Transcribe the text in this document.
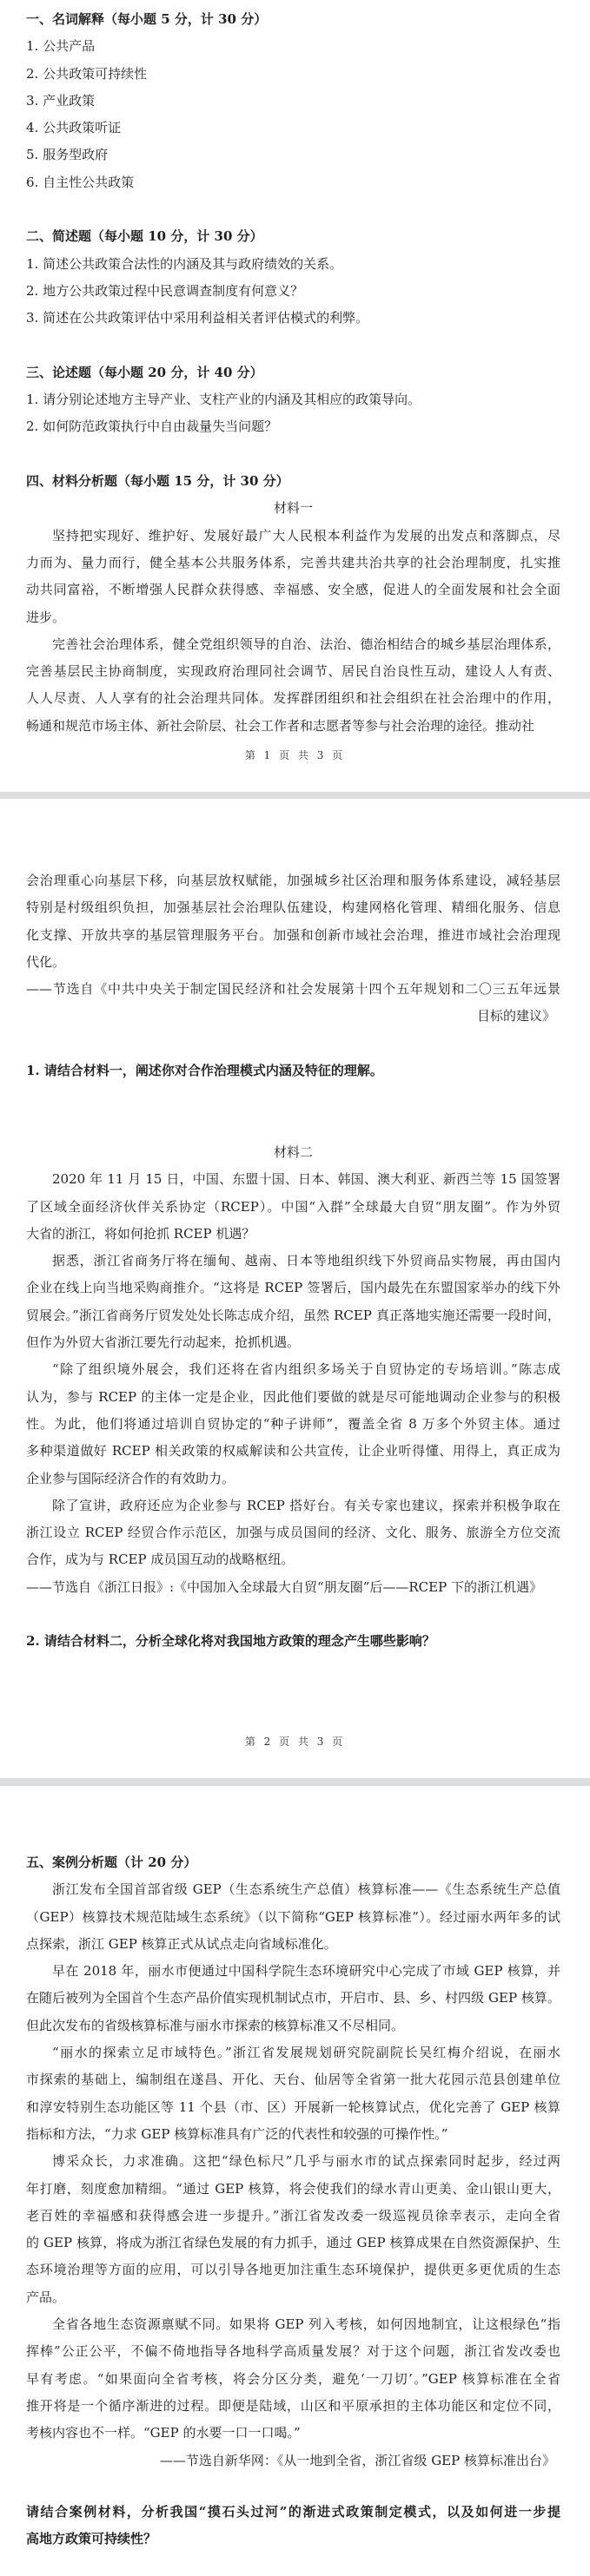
一、名词解释（每小题 5 分，计 30 分）
1. 公共产品
2. 公共政策可持续性
3. 产业政策
4. 公共政策听证
5. 服务型政府
6. 自主性公共政策
二、简述题（每小题 10 分，计 30 分）
1. 简述公共政策合法性的内涵及其与政府绩效的关系。
2. 地方公共政策过程中民意调查制度有何意义？
3. 简述在公共政策评估中采用利益相关者评估模式的利弊。
三、论述题（每小题 20 分，计 40 分）
1. 请分别论述地方主导产业、支柱产业的内涵及其相应的政策导向。
2. 如何防范政策执行中自由裁量失当问题？
四、材料分析题（每小题 15 分，计 30 分）
材料一
坚持把实现好、维护好、发展好最广大人民根本利益作为发展的出发点和落脚点，尽
力而为、量力而行，健全基本公共服务体系，完善共建共治共享的社会治理制度，扎实推
动共同富裕，不断增强人民群众获得感、幸福感、安全感，促进人的全面发展和社会全面
进步。
完善社会治理体系，健全党组织领导的自治、法治、德治相结合的城乡基层治理体系，
完善基层民主协商制度，实现政府治理同社会调节、居民自治良性互动，建设人人有责、
人人尽责、人人享有的社会治理共同体。发挥群团组织和社会组织在社会治理中的作用，
畅通和规范市场主体、新社会阶层、社会工作者和志愿者等参与社会治理的途径。推动社
第 1 页 共 3 页
会治理重心向基层下移，向基层放权赋能，加强城乡社区治理和服务体系建设，减轻基层
特别是村级组织负担，加强基层社会治理队伍建设，构建网格化管理、精细化服务、信息
化支撑、开放共享的基层管理服务平台。加强和创新市域社会治理，推进市域社会治理现
代化。
——节选自《中共中央关于制定国民经济和社会发展第十四个五年规划和二〇三五年远景
目标的建议》
1. 请结合材料一，阐述你对合作治理模式内涵及特征的理解。
材料二
2020 年 11 月 15 日，中国、东盟十国、日本、韩国、澳大利亚、新西兰等 15 国签署
了区域全面经济伙伴关系协定（RCEP）。中国“入群”全球最大自贸“朋友圈”。作为外贸
大省的浙江，将如何抢抓 RCEP 机遇？
据悉，浙江省商务厅将在缅甸、越南、日本等地组织线下外贸商品实物展，再由国内
企业在线上向当地采购商推介。“这将是 RCEP 签署后，国内最先在东盟国家举办的线下外
贸展会。”浙江省商务厅贸发处处长陈志成介绍，虽然 RCEP 真正落地实施还需要一段时间，
但作为外贸大省浙江要先行动起来，抢抓机遇。
“除了组织境外展会，我们还将在省内组织多场关于自贸协定的专场培训。”陈志成
认为，参与 RCEP 的主体一定是企业，因此他们要做的就是尽可能地调动企业参与的积极
性。为此，他们将通过培训自贸协定的“种子讲师”，覆盖全省 8 万多个外贸主体。通过
多种渠道做好 RCEP 相关政策的权威解读和公共宣传，让企业听得懂、用得上，真正成为
企业参与国际经济合作的有效助力。
除了宣讲，政府还应为企业参与 RCEP 搭好台。有关专家也建议，探索并积极争取在
浙江设立 RCEP 经贸合作示范区，加强与成员国间的经济、文化、服务、旅游全方位交流
合作，成为与 RCEP 成员国互动的战略枢纽。
——节选自《浙江日报》:《中国加入全球最大自贸“朋友圈”后——RCEP 下的浙江机遇》
2. 请结合材料二，分析全球化将对我国地方政策的理念产生哪些影响？
第 2 页 共 3 页
五、案例分析题（计 20 分）
浙江发布全国首部省级 GEP（生态系统生产总值）核算标准——《生态系统生产总值
（GEP）核算技术规范陆域生态系统》（以下简称“GEP 核算标准”）。经过丽水两年多的试
点探索，浙江 GEP 核算正式从试点走向省域标准化。
早在 2018 年，丽水市便通过中国科学院生态环境研究中心完成了市域 GEP 核算，并
在随后被列为全国首个生态产品价值实现机制试点市，开启市、县、乡、村四级 GEP 核算。
但此次发布的省级核算标准与丽水市探索的核算标准又不尽相同。
“丽水的探索立足市域特色。”浙江省发展规划研究院副院长吴红梅介绍说，在丽水
市探索的基础上，编制组在遂昌、开化、天台、仙居等全省第一批大花园示范县创建单位
和淳安特别生态功能区等 11 个县（市、区）开展新一轮核算试点，优化完善了 GEP 核算
指标和方法，“力求 GEP 核算标准具有广泛的代表性和较强的可操作性。”
博采众长，力求准确。这把“绿色标尺”几乎与丽水市的试点探索同时起步，经过两
年打磨，刻度愈加精细。“通过 GEP 核算，将会使我们的绿水青山更美、金山银山更大，
老百姓的幸福感和获得感会进一步提升。”浙江省发改委一级巡视员徐幸表示，走向全省
的 GEP 核算，将成为浙江省绿色发展的有力抓手，通过 GEP 核算成果在自然资源保护、生
态环境治理等方面的应用，可以引导各地更加注重生态环境保护，提供更多更优质的生态
产品。
全省各地生态资源禀赋不同。如果将 GEP 列入考核，如何因地制宜，让这根绿色“指
挥棒”公正公平，不偏不倚地指导各地科学高质量发展？对于这个问题，浙江省发改委也
早有考虑。“如果面向全省考核，将会分区分类，避免‘一刀切’。”GEP 核算标准在全省
推开将是一个循序渐进的过程。即便是陆域，山区和平原承担的主体功能区和定位不同，
考核内容也不一样。“GEP 的水要一口一口喝。”
——节选自新华网：《从一地到全省，浙江省级 GEP 核算标准出台》
请结合案例材料，分析我国“摸石头过河”的渐进式政策制定模式，以及如何进一步提
高地方政策可持续性？
